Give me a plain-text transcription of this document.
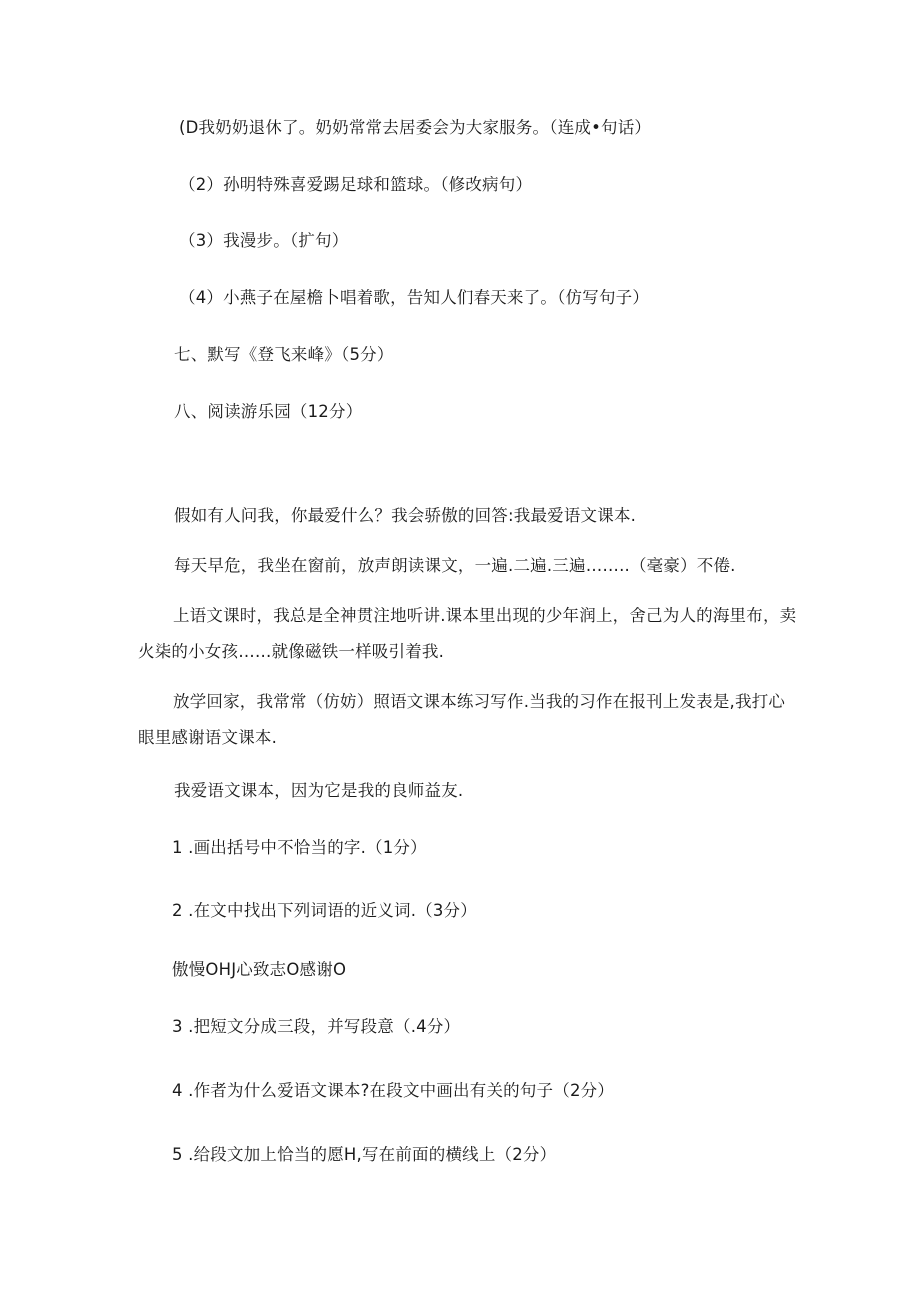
(D我奶奶退休了。奶奶常常去居委会为大家服务。（连成•句话）
（2）孙明特殊喜爱踢足球和篮球。（修改病句）
（3）我漫步。（扩句）
（4）小燕子在屋檐卜唱着歌，告知人们春天来了。（仿写句子）
七、默写《登飞来峰》（5分）
八、阅读游乐园（12分）
假如有人问我，你最爱什么？我会骄傲的回答:我最爱语文课本.
每天早危，我坐在窗前，放声朗读课文，一遍.二遍.三遍……..（毫豪）不倦.
上语文课时，我总是全神贯注地听讲.课本里出现的少年润上，舍己为人的海里布，卖火柒的小女孩……就像磁铁一样吸引着我.
放学回家，我常常（仿妨）照语文课本练习写作.当我的习作在报刊上发表是,我打心眼里感谢语文课本.
我爱语文课本，因为它是我的良师益友.
1 .画出括号中不恰当的字.（1分）
2 .在文中找出下列词语的近义词.（3分）
傲慢OHJ心致志O感谢O
3 .把短文分成三段，并写段意（.4分）
4 .作者为什么爱语文课本?在段文中画出有关的句子（2分）
5 .给段文加上恰当的愿H,写在前面的横线上（2分）
